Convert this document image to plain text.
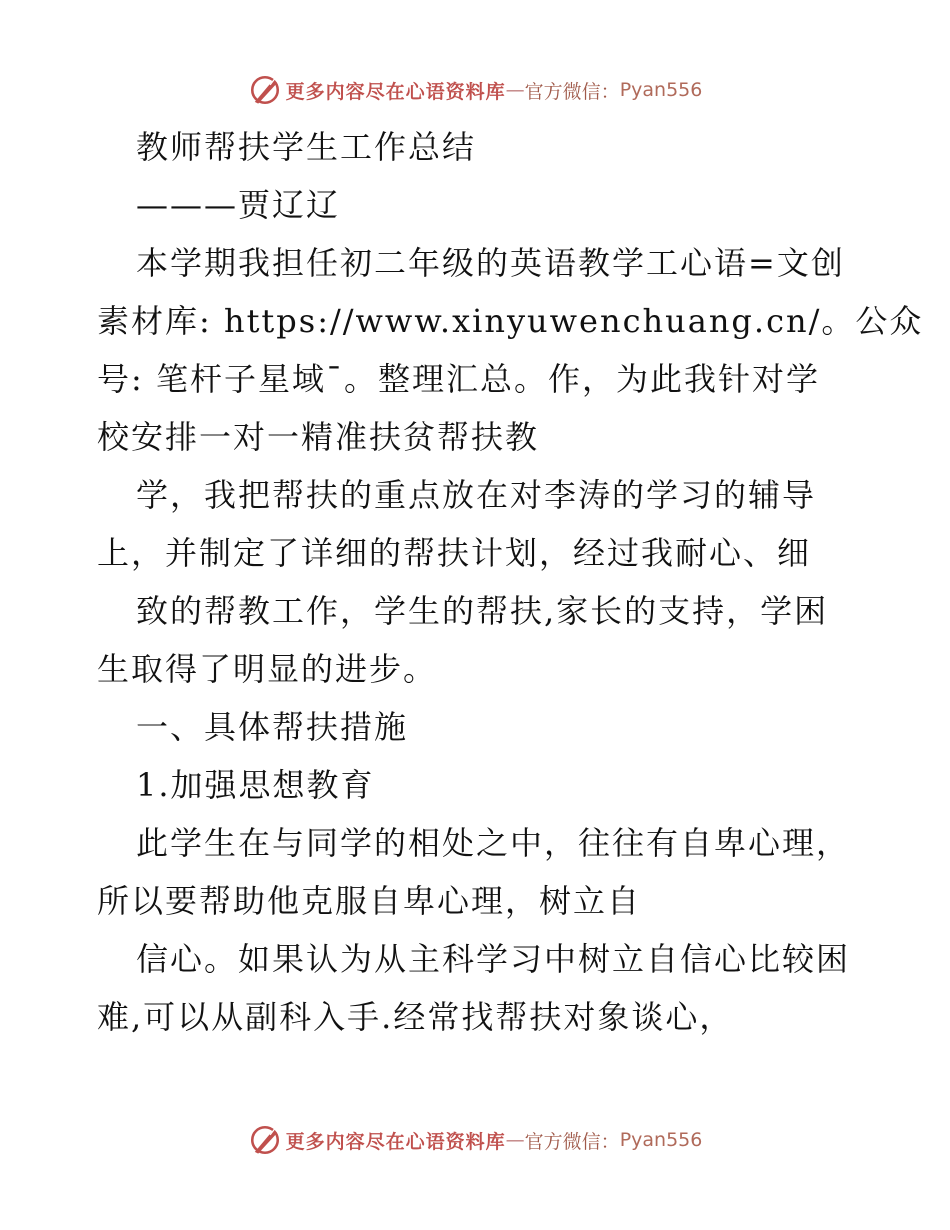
更多内容尽在心语资料库 — 官方微信： Pyan556
教师帮扶学生工作总结
———贾辽辽
本学期我担任初二年级的英语教学工心语=文创
素材库: https://www.xinyuwenchuang.cn/。公众
号: 笔杆子星域¯。整理汇总。作，为此我针对学
校安排一对一精准扶贫帮扶教
学，我把帮扶的重点放在对李涛的学习的辅导
上，并制定了详细的帮扶计划，经过我耐心、细
致的帮教工作，学生的帮扶,家长的支持，学困
生取得了明显的进步。
一、具体帮扶措施
1.加强思想教育
此学生在与同学的相处之中，往往有自卑心理，
所以要帮助他克服自卑心理，树立自
信心。如果认为从主科学习中树立自信心比较困
难,可以从副科入手.经常找帮扶对象谈心，
更多内容尽在心语资料库 — 官方微信： Pyan556
